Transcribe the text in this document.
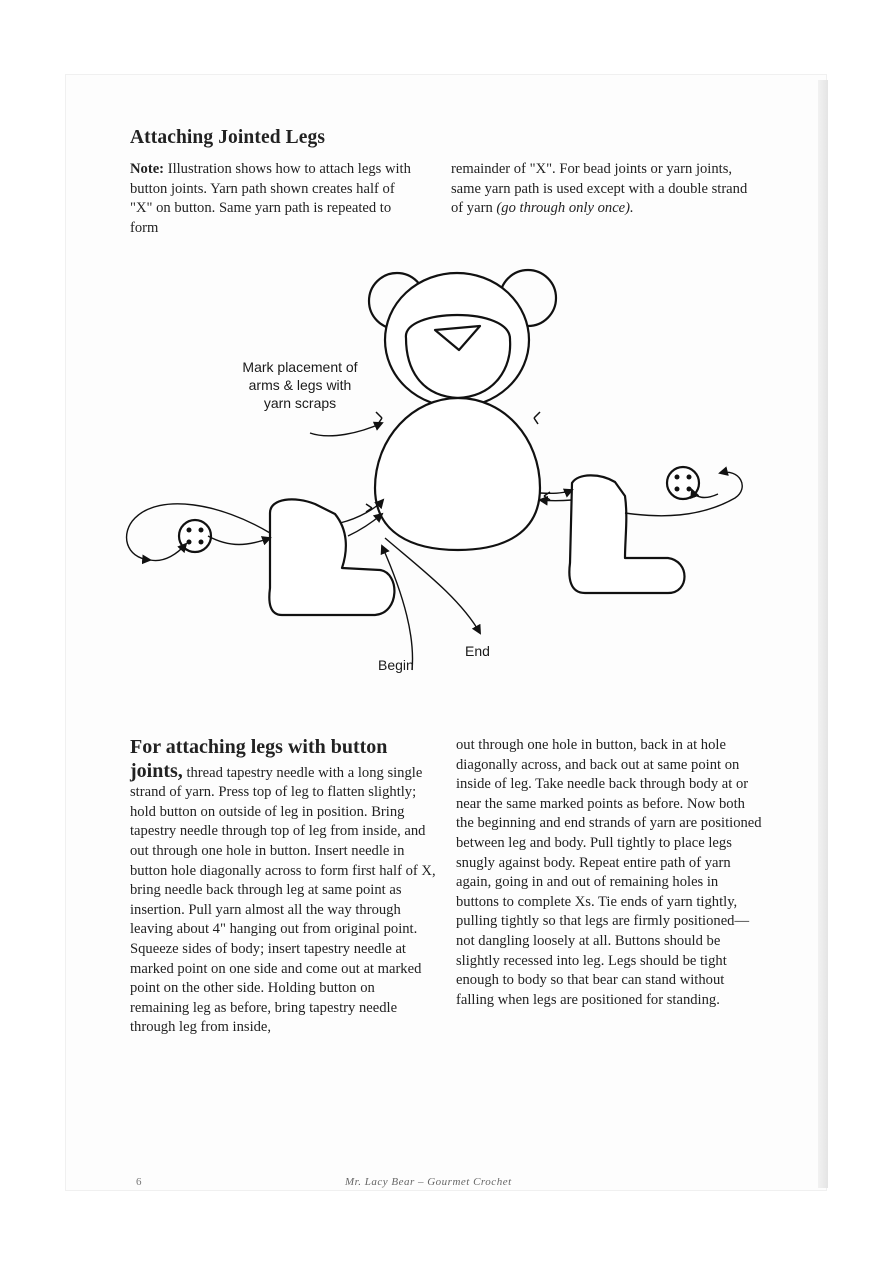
Attaching Jointed Legs

Note: Illustration shows how to attach legs with button joints. Yarn path shown creates half of "X" on button. Same yarn path is repeated to form

remainder of "X". For bead joints or yarn joints, same yarn path is used except with a double strand of yarn (go through only once).

Mark placement of
arms & legs with
yarn scraps
Begin
End

For attaching legs with button joints, thread tapestry needle with a long single strand of yarn. Press top of leg to flatten slightly; hold button on outside of leg in position. Bring tapestry needle through top of leg from inside, and out through one hole in button. Insert needle in button hole diagonally across to form first half of X, bring needle back through leg at same point as insertion. Pull yarn almost all the way through leaving about 4" hanging out from original point. Squeeze sides of body; insert tapestry needle at marked point on one side and come out at marked point on the other side. Holding button on remaining leg as before, bring tapestry needle through leg from inside,

out through one hole in button, back in at hole diagonally across, and back out at same point on inside of leg. Take needle back through body at or near the same marked points as before. Now both the beginning and end strands of yarn are positioned between leg and body. Pull tightly to place legs snugly against body. Repeat entire path of yarn again, going in and out of remaining holes in buttons to complete Xs. Tie ends of yarn tightly, pulling tightly so that legs are firmly positioned—not dangling loosely at all. Buttons should be slightly recessed into leg. Legs should be tight enough to body so that bear can stand without falling when legs are positioned for standing.

6	Mr. Lacy Bear – Gourmet Crochet
